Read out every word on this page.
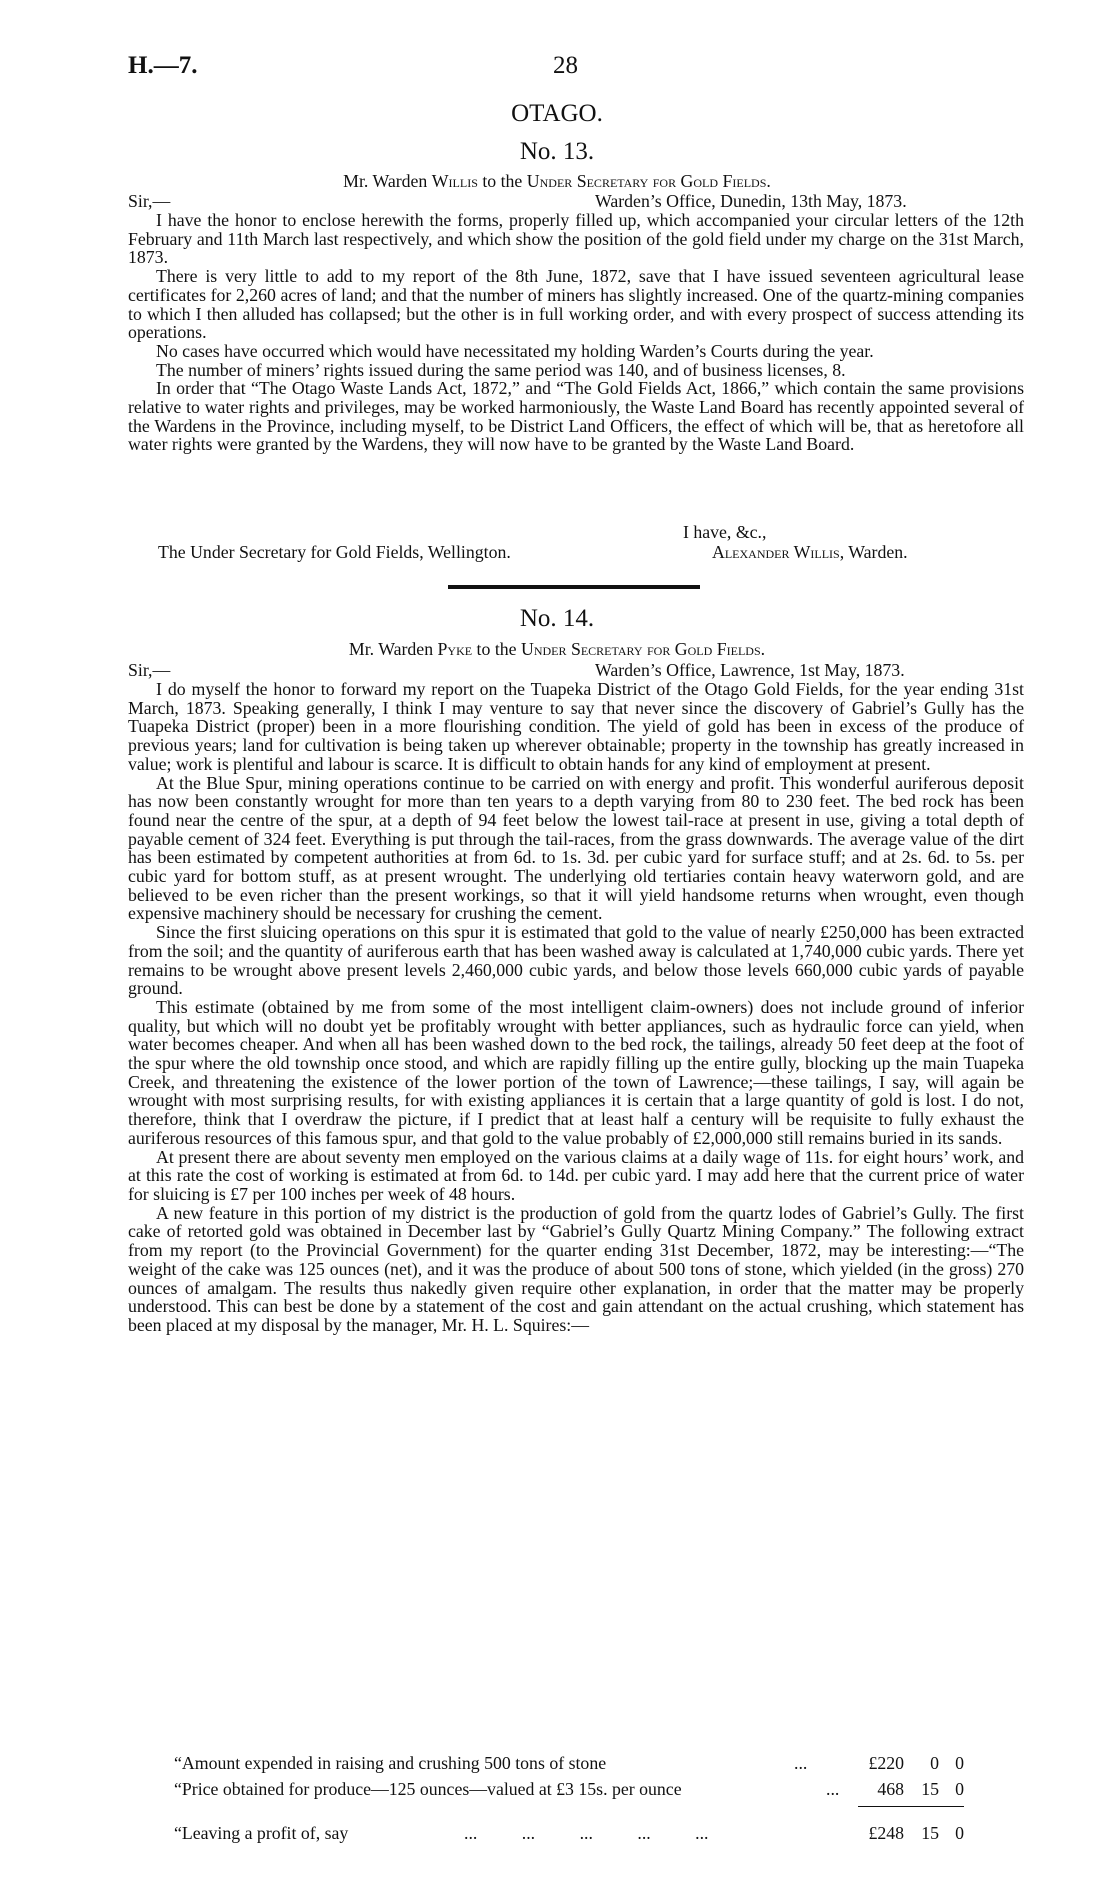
H.—7.	28
OTAGO.
No. 13.
Mr. Warden Willis to the Under Secretary for Gold Fields.
Sir,—	Warden’s Office, Dunedin, 13th May, 1873.

I have the honor to enclose herewith the forms, properly filled up, which accompanied your circular letters of the 12th February and 11th March last respectively, and which show the position of the gold field under my charge on the 31st March, 1873.

There is very little to add to my report of the 8th June, 1872, save that I have issued seventeen agricultural lease certificates for 2,260 acres of land; and that the number of miners has slightly increased. One of the quartz-mining companies to which I then alluded has collapsed; but the other is in full working order, and with every prospect of success attending its operations.

No cases have occurred which would have necessitated my holding Warden’s Courts during the year.

The number of miners’ rights issued during the same period was 140, and of business licenses, 8.

In order that “The Otago Waste Lands Act, 1872,” and “The Gold Fields Act, 1866,” which contain the same provisions relative to water rights and privileges, may be worked harmoniously, the Waste Land Board has recently appointed several of the Wardens in the Province, including myself, to be District Land Officers, the effect of which will be, that as heretofore all water rights were granted by the Wardens, they will now have to be granted by the Waste Land Board.

I have, &c.,
The Under Secretary for Gold Fields, Wellington.	Alexander Willis, Warden.
No. 14.
Mr. Warden Pyke to the Under Secretary for Gold Fields.
Sir,—	Warden’s Office, Lawrence, 1st May, 1873.

I do myself the honor to forward my report on the Tuapeka District of the Otago Gold Fields, for the year ending 31st March, 1873. Speaking generally, I think I may venture to say that never since the discovery of Gabriel’s Gully has the Tuapeka District (proper) been in a more flourishing condition. The yield of gold has been in excess of the produce of previous years; land for cultivation is being taken up wherever obtainable; property in the township has greatly increased in value; work is plentiful and labour is scarce. It is difficult to obtain hands for any kind of employment at present.

At the Blue Spur, mining operations continue to be carried on with energy and profit. This wonderful auriferous deposit has now been constantly wrought for more than ten years to a depth varying from 80 to 230 feet. The bed rock has been found near the centre of the spur, at a depth of 94 feet below the lowest tail-race at present in use, giving a total depth of payable cement of 324 feet. Everything is put through the tail-races, from the grass downwards. The average value of the dirt has been estimated by competent authorities at from 6d. to 1s. 3d. per cubic yard for surface stuff; and at 2s. 6d. to 5s. per cubic yard for bottom stuff, as at present wrought. The underlying old tertiaries contain heavy waterworn gold, and are believed to be even richer than the present workings, so that it will yield handsome returns when wrought, even though expensive machinery should be necessary for crushing the cement.

Since the first sluicing operations on this spur it is estimated that gold to the value of nearly £250,000 has been extracted from the soil; and the quantity of auriferous earth that has been washed away is calculated at 1,740,000 cubic yards. There yet remains to be wrought above present levels 2,460,000 cubic yards, and below those levels 660,000 cubic yards of payable ground.

This estimate (obtained by me from some of the most intelligent claim-owners) does not include ground of inferior quality, but which will no doubt yet be profitably wrought with better appliances, such as hydraulic force can yield, when water becomes cheaper. And when all has been washed down to the bed rock, the tailings, already 50 feet deep at the foot of the spur where the old township once stood, and which are rapidly filling up the entire gully, blocking up the main Tuapeka Creek, and threatening the existence of the lower portion of the town of Lawrence;—these tailings, I say, will again be wrought with most surprising results, for with existing appliances it is certain that a large quantity of gold is lost. I do not, therefore, think that I overdraw the picture, if I predict that at least half a century will be requisite to fully exhaust the auriferous resources of this famous spur, and that gold to the value probably of £2,000,000 still remains buried in its sands.

At present there are about seventy men employed on the various claims at a daily wage of 11s. for eight hours’ work, and at this rate the cost of working is estimated at from 6d. to 14d. per cubic yard. I may add here that the current price of water for sluicing is £7 per 100 inches per week of 48 hours.

A new feature in this portion of my district is the production of gold from the quartz lodes of Gabriel’s Gully. The first cake of retorted gold was obtained in December last by “Gabriel’s Gully Quartz Mining Company.” The following extract from my report (to the Provincial Government) for the quarter ending 31st December, 1872, may be interesting:—“The weight of the cake was 125 ounces (net), and it was the produce of about 500 tons of stone, which yielded (in the gross) 270 ounces of amalgam. The results thus nakedly given require other explanation, in order that the matter may be properly understood. This can best be done by a statement of the cost and gain attendant on the actual crushing, which statement has been placed at my disposal by the manager, Mr. H. L. Squires:—

“Amount expended in raising and crushing 500 tons of stone	...	£220	0 0
“Price obtained for produce—125 ounces—valued at £3 15s. per ounce	... 468 15 0
“Leaving a profit of, say	...          ...          ...          ...          ...	£248 15 0
